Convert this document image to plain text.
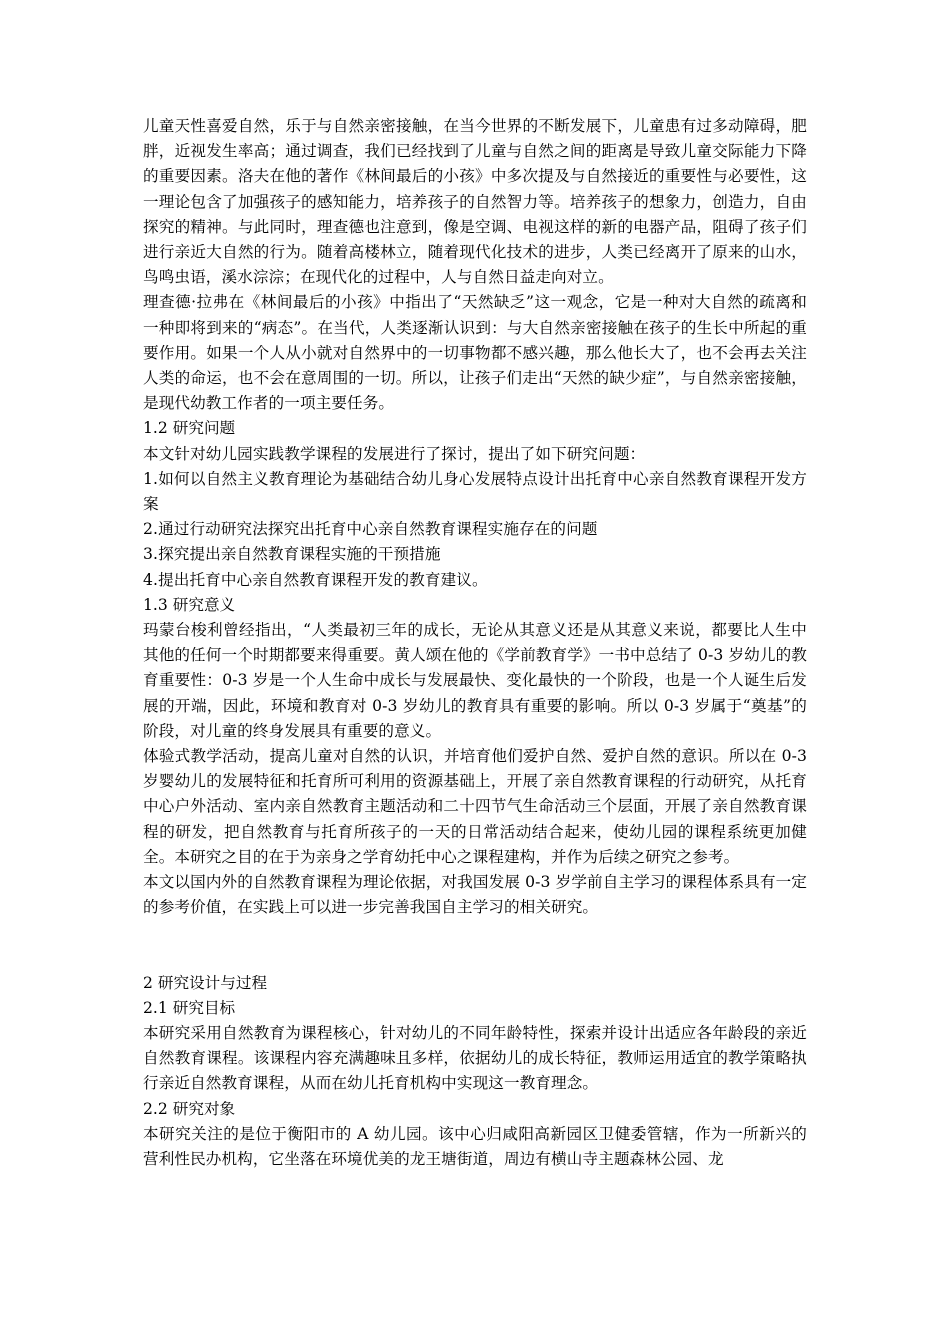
儿童天性喜爱自然，乐于与自然亲密接触，在当今世界的不断发展下，儿童患有过多动障碍，肥胖，近视发生率高；通过调查，我们已经找到了儿童与自然之间的距离是导致儿童交际能力下降的重要因素。洛夫在他的著作《林间最后的小孩》中多次提及与自然接近的重要性与必要性，这一理论包含了加强孩子的感知能力，培养孩子的自然智力等。培养孩子的想象力，创造力，自由探究的精神。与此同时，理查德也注意到，像是空调、电视这样的新的电器产品，阻碍了孩子们进行亲近大自然的行为。随着高楼林立，随着现代化技术的进步，人类已经离开了原来的山水，鸟鸣虫语，溪水淙淙；在现代化的过程中，人与自然日益走向对立。

理查德·拉弗在《林间最后的小孩》中指出了“天然缺乏”这一观念，它是一种对大自然的疏离和一种即将到来的“病态”。在当代，人类逐渐认识到：与大自然亲密接触在孩子的生长中所起的重要作用。如果一个人从小就对自然界中的一切事物都不感兴趣，那么他长大了，也不会再去关注人类的命运，也不会在意周围的一切。所以，让孩子们走出“天然的缺少症”，与自然亲密接触，是现代幼教工作者的一项主要任务。

1.2 研究问题

本文针对幼儿园实践教学课程的发展进行了探讨，提出了如下研究问题：

1.如何以自然主义教育理论为基础结合幼儿身心发展特点设计出托育中心亲自然教育课程开发方案

2.通过行动研究法探究出托育中心亲自然教育课程实施存在的问题

3.探究提出亲自然教育课程实施的干预措施

4.提出托育中心亲自然教育课程开发的教育建议。

1.3 研究意义

玛蒙台梭利曾经指出，“人类最初三年的成长，无论从其意义还是从其意义来说，都要比人生中其他的任何一个时期都要来得重要。黄人颂在他的《学前教育学》一书中总结了 0-3 岁幼儿的教育重要性：0-3 岁是一个人生命中成长与发展最快、变化最快的一个阶段，也是一个人诞生后发展的开端，因此，环境和教育对 0-3 岁幼儿的教育具有重要的影响。所以 0-3 岁属于“奠基”的阶段，对儿童的终身发展具有重要的意义。

体验式教学活动，提高儿童对自然的认识，并培育他们爱护自然、爱护自然的意识。所以在 0-3 岁婴幼儿的发展特征和托育所可利用的资源基础上，开展了亲自然教育课程的行动研究，从托育中心户外活动、室内亲自然教育主题活动和二十四节气生命活动三个层面，开展了亲自然教育课程的研发，把自然教育与托育所孩子的一天的日常活动结合起来，使幼儿园的课程系统更加健全。本研究之目的在于为亲身之学育幼托中心之课程建构，并作为后续之研究之参考。

本文以国内外的自然教育课程为理论依据，对我国发展 0-3 岁学前自主学习的课程体系具有一定的参考价值，在实践上可以进一步完善我国自主学习的相关研究。

2 研究设计与过程

2.1 研究目标

本研究采用自然教育为课程核心，针对幼儿的不同年龄特性，探索并设计出适应各年龄段的亲近自然教育课程。该课程内容充满趣味且多样，依据幼儿的成长特征，教师运用适宜的教学策略执行亲近自然教育课程，从而在幼儿托育机构中实现这一教育理念。

2.2 研究对象

本研究关注的是位于衡阳市的 A 幼儿园。该中心归咸阳高新园区卫健委管辖，作为一所新兴的营利性民办机构，它坐落在环境优美的龙王塘街道，周边有横山寺主题森林公园、龙
